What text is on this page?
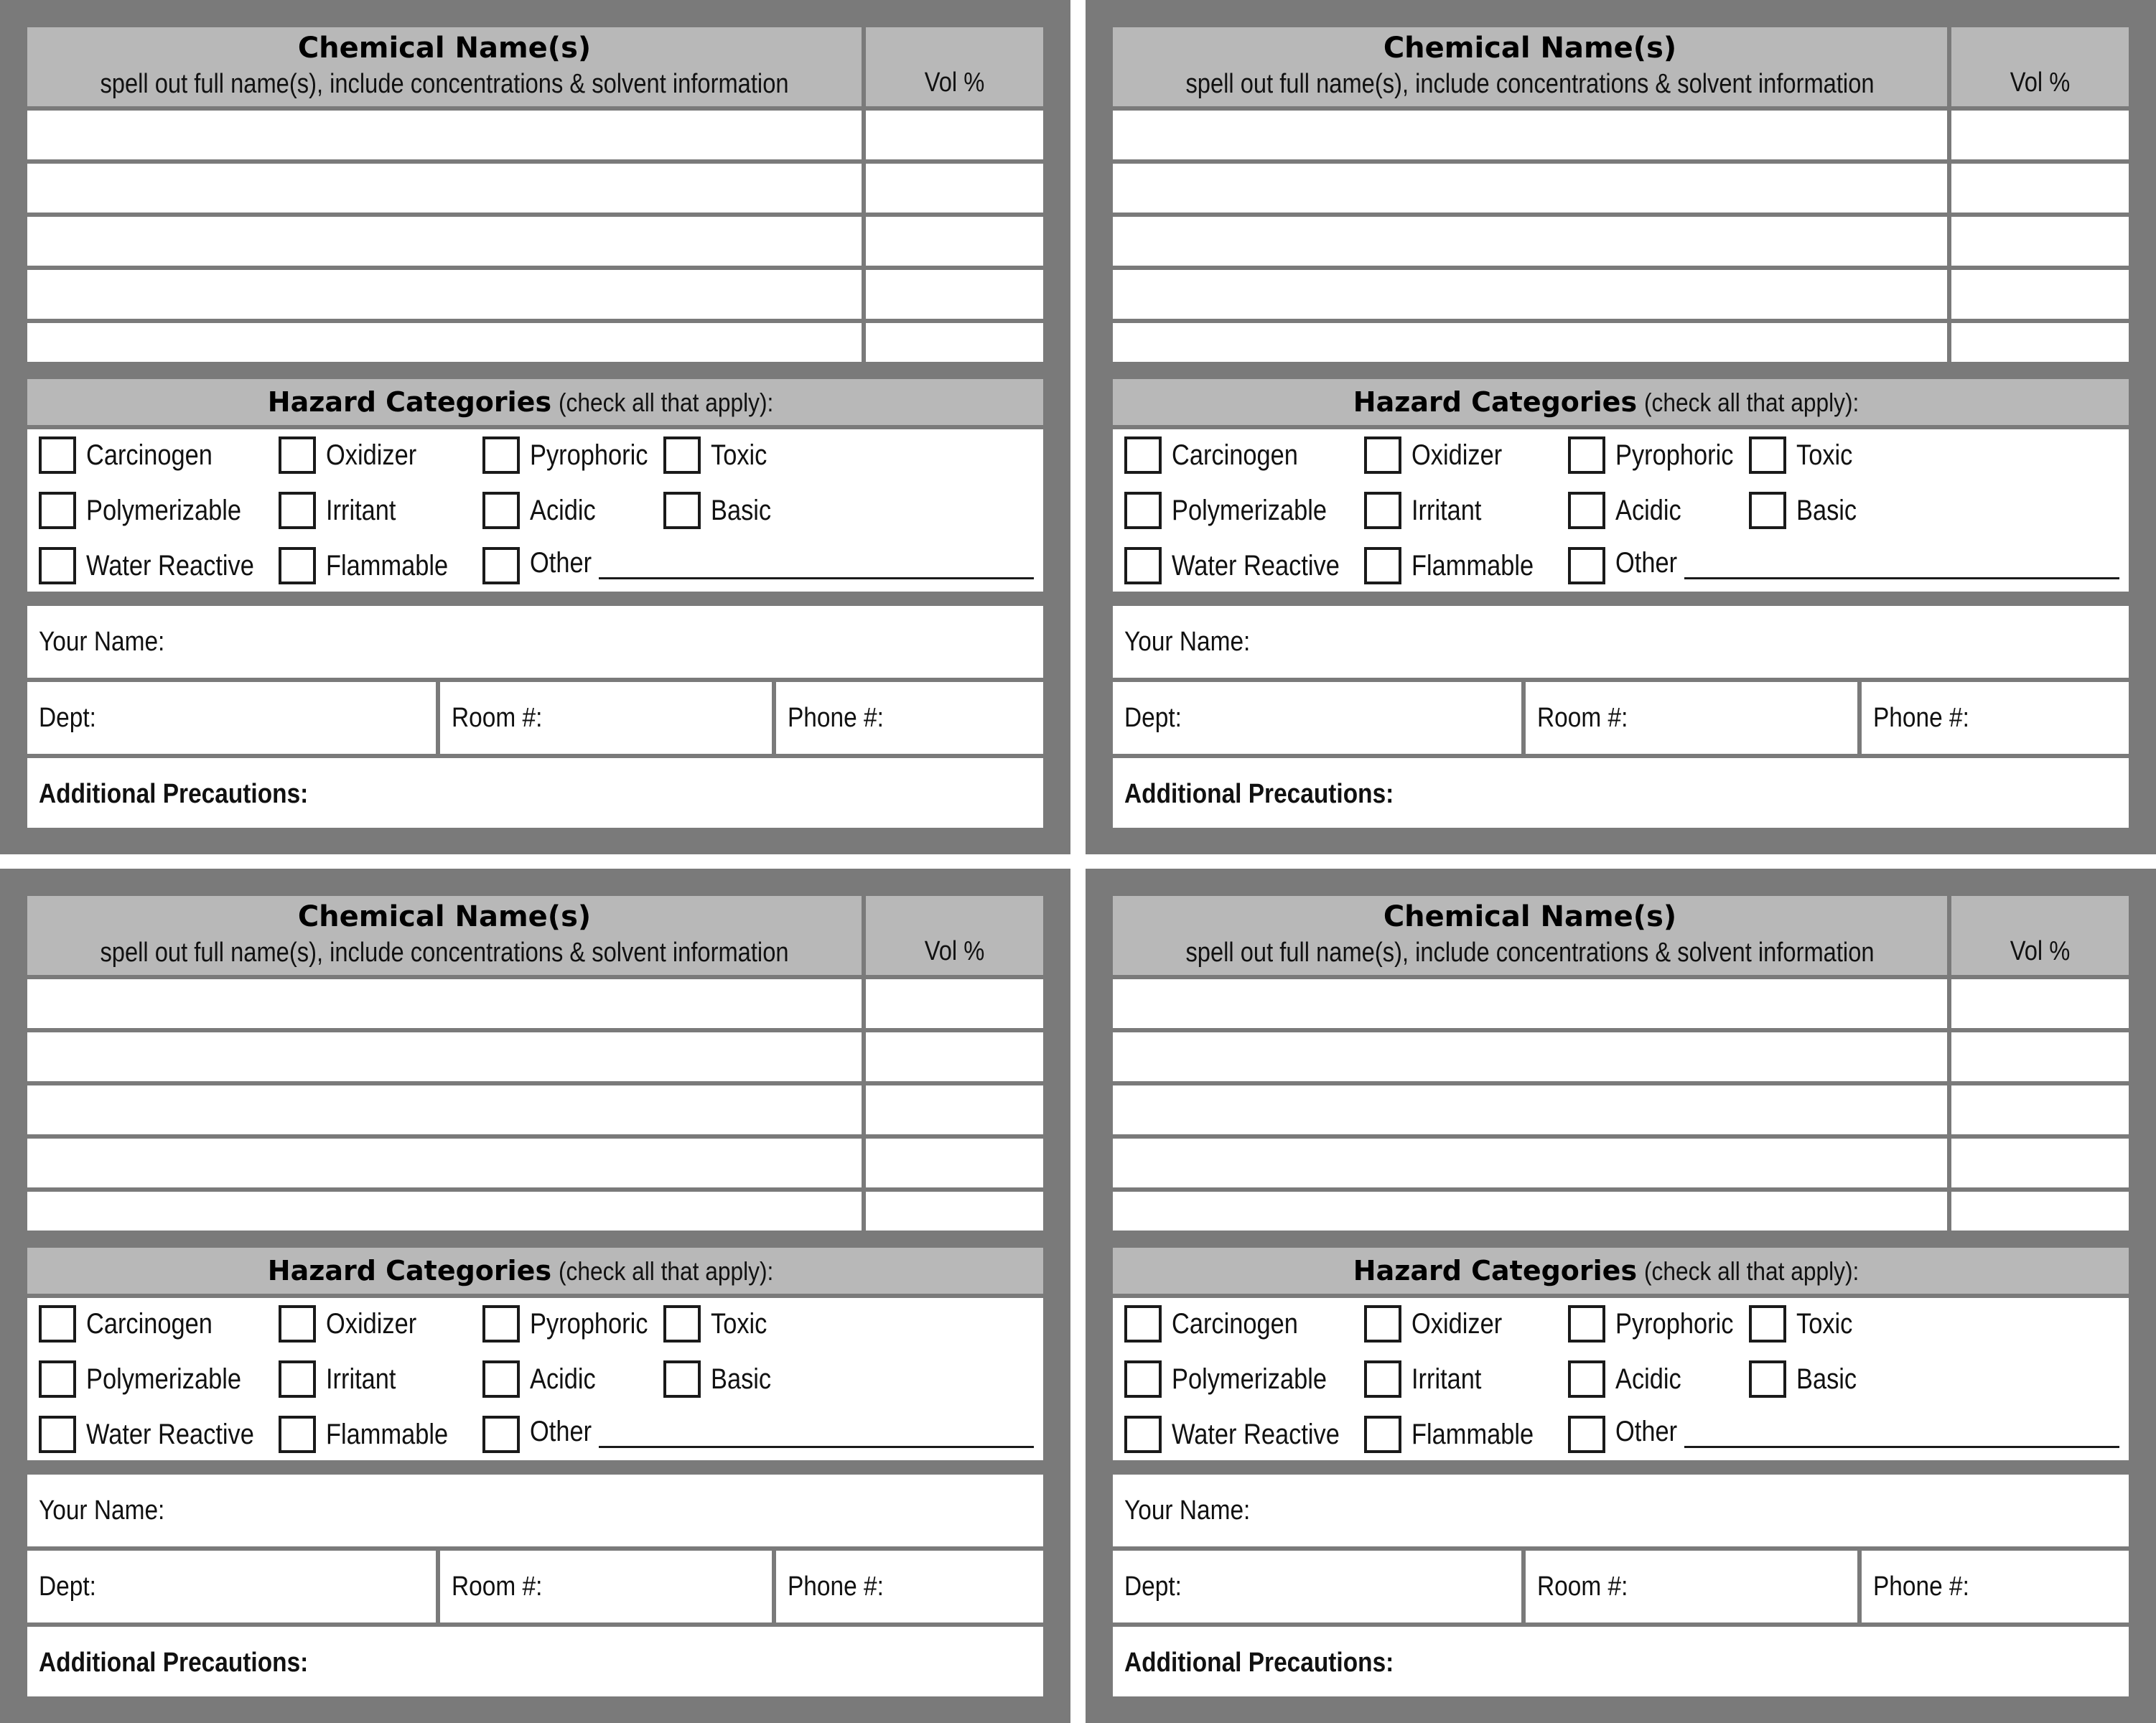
Chemical Name(s)
spell out full name(s), include concentrations & solvent information	Vol %
Hazard Categories (check all that apply):
Carcinogen	Oxidizer	Pyrophoric Toxic
Polymerizable	Irritant	Acidic	Basic
Water Reactive	Flammable	Other
Your Name:
Dept:	Room #:	Phone #:
Additional Precautions:
Chemical Name(s)
spell out full name(s), include concentrations & solvent information	Vol %
Hazard Categories (check all that apply):
Carcinogen	Oxidizer	Pyrophoric Toxic
Polymerizable	Irritant	Acidic	Basic
Water Reactive	Flammable	Other
Your Name:
Dept:	Room #:	Phone #:
Additional Precautions:
Chemical Name(s)
spell out full name(s), include concentrations & solvent information	Vol %
Hazard Categories (check all that apply):
Carcinogen	Oxidizer	Pyrophoric Toxic
Polymerizable	Irritant	Acidic	Basic
Water Reactive	Flammable	Other
Your Name:
Dept:	Room #:	Phone #:
Additional Precautions:
Chemical Name(s)
spell out full name(s), include concentrations & solvent information	Vol %
Hazard Categories (check all that apply):
Carcinogen	Oxidizer	Pyrophoric Toxic
Polymerizable	Irritant	Acidic	Basic
Water Reactive	Flammable	Other
Your Name:
Dept:	Room #:	Phone #:
Additional Precautions:
